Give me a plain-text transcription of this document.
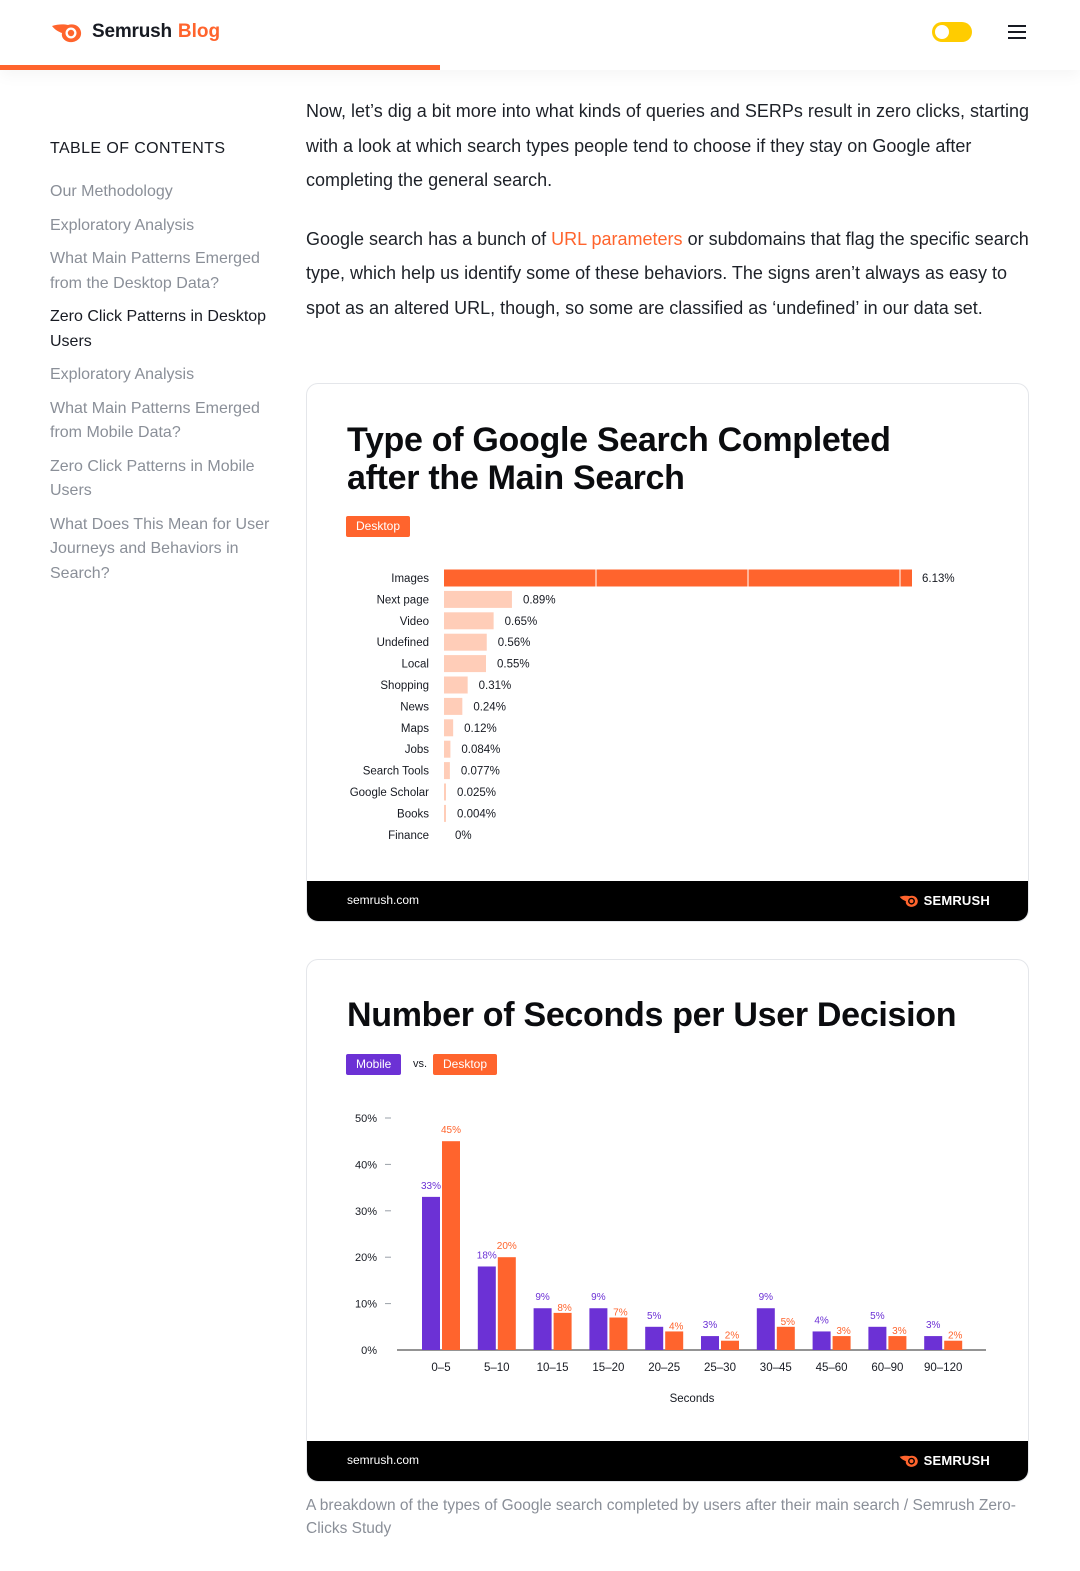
Semrush Blog
TABLE OF CONTENTS
Our Methodology
Exploratory Analysis
What Main Patterns Emerged from the Desktop Data?
Zero Click Patterns in Desktop Users
Exploratory Analysis
What Main Patterns Emerged from Mobile Data?
Zero Click Patterns in Mobile Users
What Does This Mean for User Journeys and Behaviors in Search?

Now, let’s dig a bit more into what kinds of queries and SERPs result in zero clicks, starting with a look at which search types people tend to choose if they stay on Google after completing the general search.

Google search has a bunch of URL parameters or subdomains that flag the specific search type, which help us identify some of these behaviors. The signs aren’t always as easy to spot as an altered URL, though, so some are classified as ‘undefined’ in our data set.

Type of Google Search Completed after the Main Search
Desktop
Images	6.13%
Next page	0.89%
Video	0.65%
Undefined	0.56%
Local	0.55%
Shopping	0.31%
News	0.24%
Maps	0.12%
Jobs	0.084%
Search Tools	0.077%
Google Scholar 0.025%
Books 0.004%
Finance 0%
semrush.com	SEMRUSH
Number of Seconds per User Decision
Mobile	vs.	Desktop
0%
10%
20%
30%
40%
50%
33%
45%
0–5
18%
20%
5–10
9%
8%
10–15
9%
7%
15–20
5%
4%
20–25
3%
2%
25–30
9%
5%
30–45
4%
3%
45–60
5%
3%
60–90
3%
2%
90–120
Seconds
semrush.com	SEMRUSH

A breakdown of the types of Google search completed by users after their main search / Semrush Zero-Clicks Study
